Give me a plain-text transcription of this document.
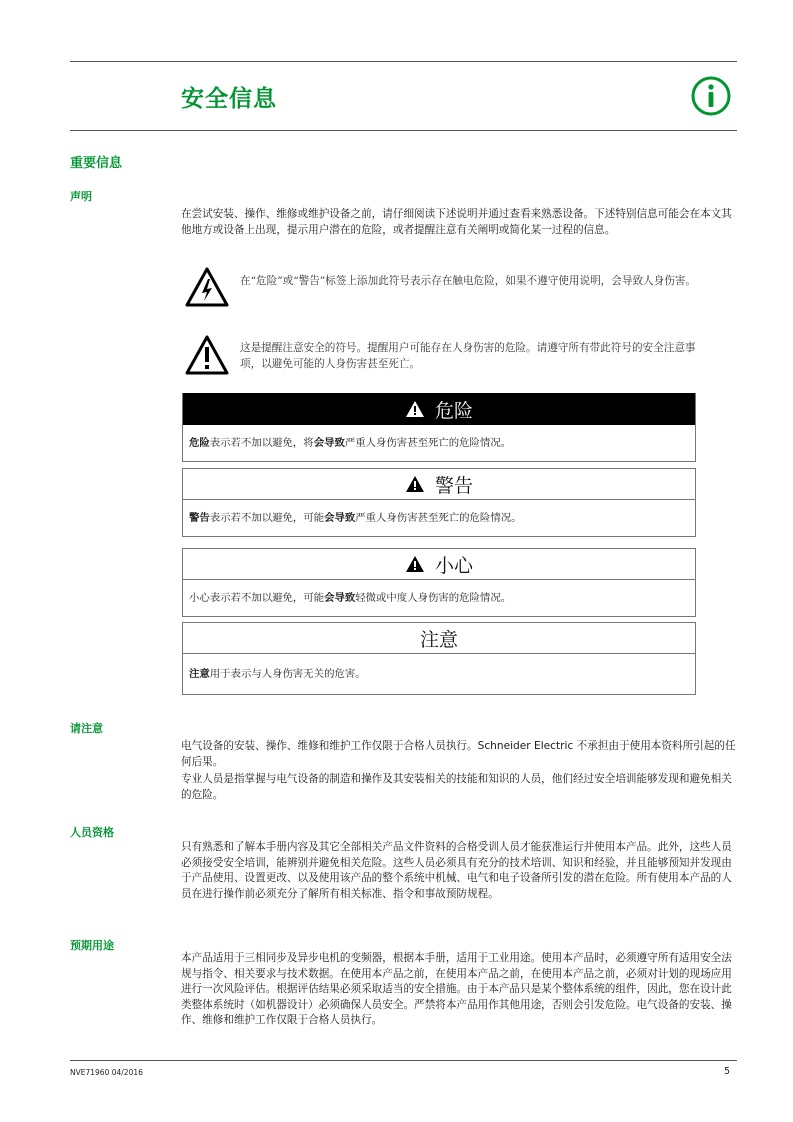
安全信息
重要信息
声明
在尝试安装、操作、维修或维护设备之前，请仔细阅读下述说明并通过查看来熟悉设备。下述特别信息可能会在本文其他地方或设备上出现，提示用户潜在的危险，或者提醒注意有关阐明或简化某一过程的信息。
在“危险”或“警告”标签上添加此符号表示存在触电危险，如果不遵守使用说明，会导致人身伤害。
这是提醒注意安全的符号。提醒用户可能存在人身伤害的危险。请遵守所有带此符号的安全注意事项，以避免可能的人身伤害甚至死亡。
危险
危险表示若不加以避免，将会导致严重人身伤害甚至死亡的危险情况。
警告
警告表示若不加以避免，可能会导致严重人身伤害甚至死亡的危险情况。
小心
小心表示若不加以避免，可能会导致轻微或中度人身伤害的危险情况。
注意
注意用于表示与人身伤害无关的危害。
请注意
电气设备的安装、操作、维修和维护工作仅限于合格人员执行。Schneider Electric 不承担由于使用本资料所引起的任何后果。
专业人员是指掌握与电气设备的制造和操作及其安装相关的技能和知识的人员，他们经过安全培训能够发现和避免相关的危险。
人员资格
只有熟悉和了解本手册内容及其它全部相关产品文件资料的合格受训人员才能获准运行并使用本产品。此外，这些人员必须接受安全培训，能辨别并避免相关危险。这些人员必须具有充分的技术培训、知识和经验，并且能够预知并发现由于产品使用、设置更改、以及使用该产品的整个系统中机械、电气和电子设备所引发的潜在危险。所有使用本产品的人员在进行操作前必须充分了解所有相关标准、指令和事故预防规程。
预期用途
本产品适用于三相同步及异步电机的变频器，根据本手册，适用于工业用途。使用本产品时，必须遵守所有适用安全法规与指令、相关要求与技术数据。在使用本产品之前，在使用本产品之前，在使用本产品之前，必须对计划的现场应用进行一次风险评估。根据评估结果必须采取适当的安全措施。由于本产品只是某个整体系统的组件，因此，您在设计此类整体系统时（如机器设计）必须确保人员安全。严禁将本产品用作其他用途，否则会引发危险。电气设备的安装、操作、维修和维护工作仅限于合格人员执行。
NVE71960 04/2016	5
